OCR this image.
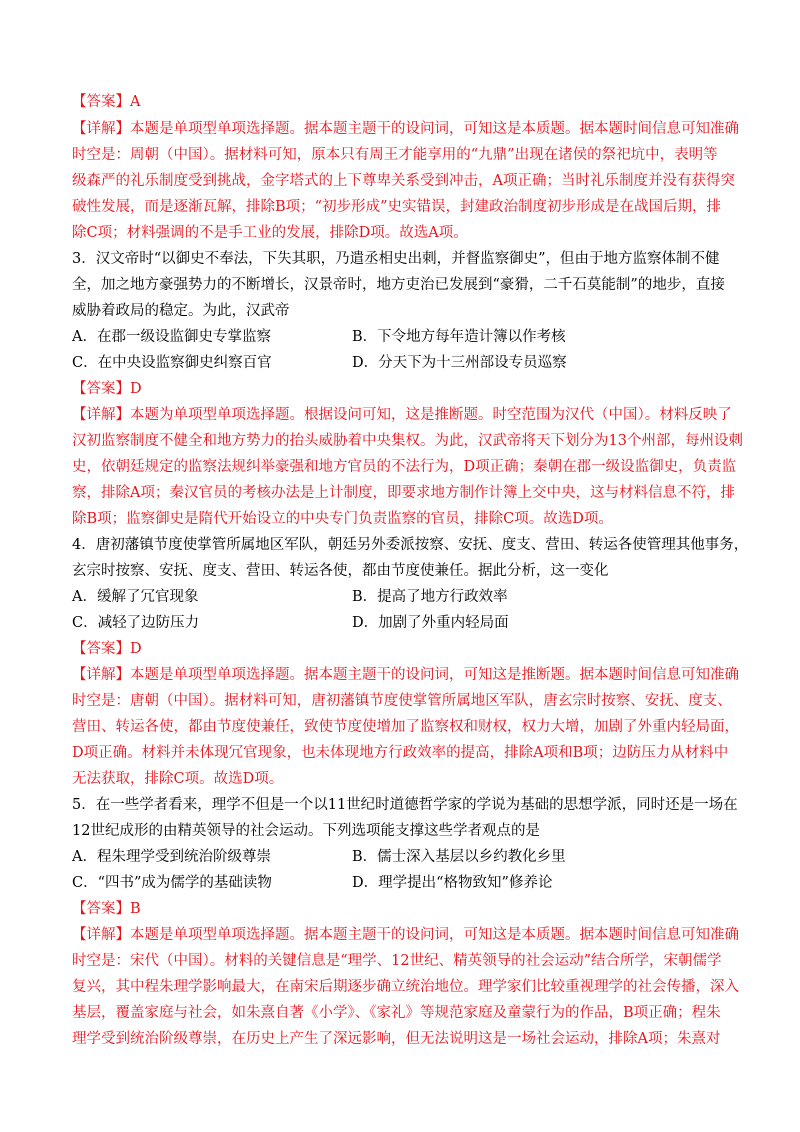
【答案】A
【详解】本题是单项型单项选择题。据本题主题干的设问词，可知这是本质题。据本题时间信息可知准确
时空是：周朝（中国）。据材料可知，原本只有周王才能享用的“九鼎”出现在诸侯的祭祀坑中，表明等
级森严的礼乐制度受到挑战，金字塔式的上下尊卑关系受到冲击，A项正确；当时礼乐制度并没有获得突
破性发展，而是逐渐瓦解，排除B项；“初步形成”史实错误，封建政治制度初步形成是在战国后期，排
除C项；材料强调的不是手工业的发展，排除D项。故选A项。
3．汉文帝时“以御史不奉法，下失其职，乃遣丞相史出刺，并督监察御史”，但由于地方监察体制不健
全，加之地方豪强势力的不断增长，汉景帝时，地方吏治已发展到“豪猾，二千石莫能制”的地步，直接
威胁着政局的稳定。为此，汉武帝
A．在郡一级设监御史专掌监察	B．下令地方每年造计簿以作考核
C．在中央设监察御史纠察百官	D．分天下为十三州部设专员巡察
【答案】D
【详解】本题为单项型单项选择题。根据设问可知，这是推断题。时空范围为汉代（中国）。材料反映了
汉初监察制度不健全和地方势力的抬头威胁着中央集权。为此，汉武帝将天下划分为13个州部，每州设刺
史，依朝廷规定的监察法规纠举豪强和地方官员的不法行为，D项正确；秦朝在郡一级设监御史，负责监
察，排除A项；秦汉官员的考核办法是上计制度，即要求地方制作计簿上交中央，这与材料信息不符，排
除B项；监察御史是隋代开始设立的中央专门负责监察的官员，排除C项。故选D项。
4．唐初藩镇节度使掌管所属地区军队，朝廷另外委派按察、安抚、度支、营田、转运各使管理其他事务，
玄宗时按察、安抚、度支、营田、转运各使，都由节度使兼任。据此分析，这一变化
A．缓解了冗官现象	B．提高了地方行政效率
C．减轻了边防压力	D．加剧了外重内轻局面
【答案】D
【详解】本题是单项型单项选择题。据本题主题干的设问词，可知这是推断题。据本题时间信息可知准确
时空是：唐朝（中国）。据材料可知，唐初藩镇节度使掌管所属地区军队，唐玄宗时按察、安抚、度支、
营田、转运各使，都由节度使兼任，致使节度使增加了监察权和财权，权力大增，加剧了外重内轻局面，
D项正确。材料并未体现冗官现象，也未体现地方行政效率的提高，排除A项和B项；边防压力从材料中
无法获取，排除C项。故选D项。
5．在一些学者看来，理学不但是一个以11世纪时道德哲学家的学说为基础的思想学派，同时还是一场在
12世纪成形的由精英领导的社会运动。下列选项能支撑这些学者观点的是
A．程朱理学受到统治阶级尊崇	B．儒士深入基层以乡约教化乡里
C．“四书”成为儒学的基础读物	D．理学提出“格物致知”修养论
【答案】B
【详解】本题是单项型单项选择题。据本题主题干的设问词，可知这是本质题。据本题时间信息可知准确
时空是：宋代（中国）。材料的关键信息是“理学、12世纪、精英领导的社会运动”结合所学，宋朝儒学
复兴，其中程朱理学影响最大，在南宋后期逐步确立统治地位。理学家们比较重视理学的社会传播，深入
基层，覆盖家庭与社会，如朱熹自著《小学》、《家礼》等规范家庭及童蒙行为的作品，B项正确；程朱
理学受到统治阶级尊崇，在历史上产生了深远影响，但无法说明这是一场社会运动，排除A项；朱熹对
